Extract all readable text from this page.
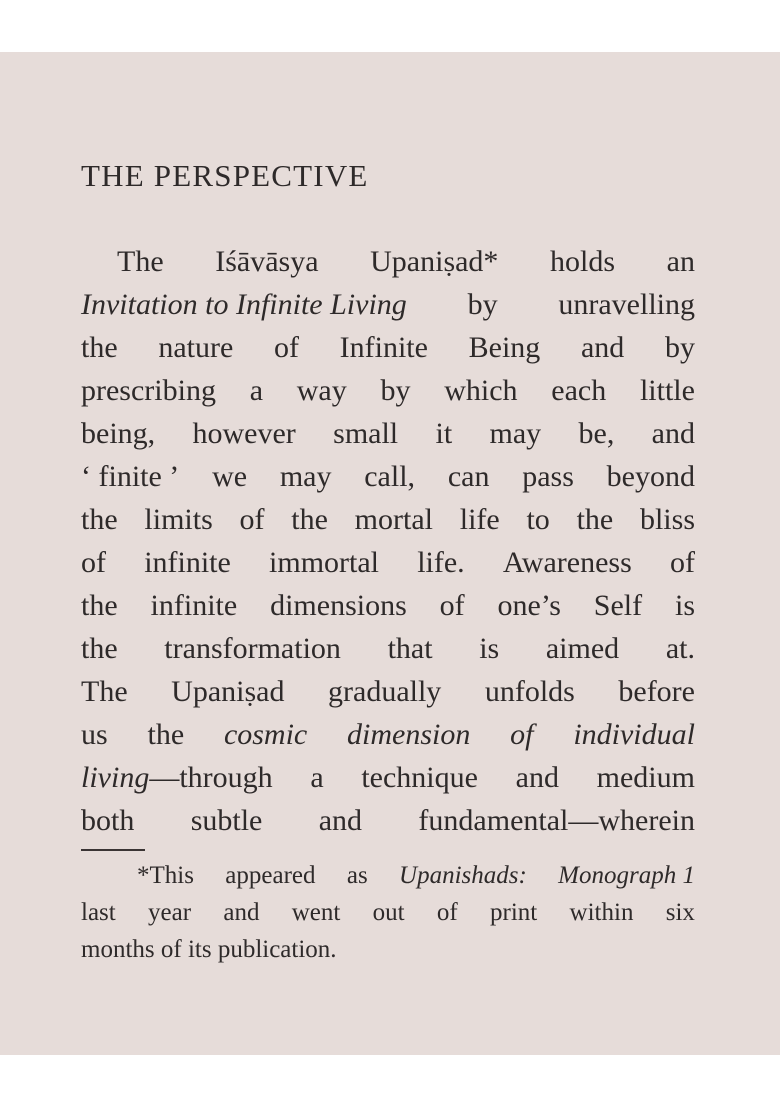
THE PERSPECTIVE
The Iśāvāsya Upaniṣad* holds an
Invitation to Infinite Living by unravelling
the nature of Infinite Being and by
prescribing a way by which each little
being, however small it may be, and
‘ finite ’ we may call, can pass beyond
the limits of the mortal life to the bliss
of infinite immortal life. Awareness of
the infinite dimensions of one’s Self is
the transformation that is aimed at.
The Upaniṣad gradually unfolds before
us the cosmic dimension of individual
living—through a technique and medium
both subtle and fundamental—wherein
*This appeared as Upanishads: Monograph 1
last year and went out of print within six
months of its publication.
